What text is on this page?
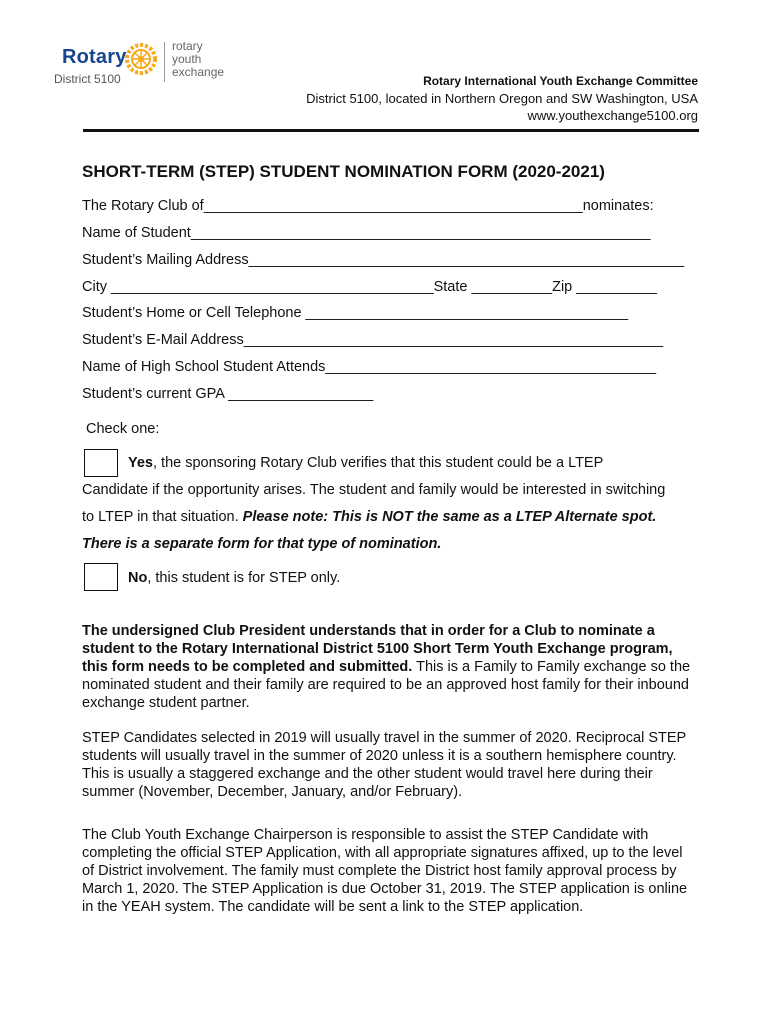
Rotary
District 5100
rotary
youth
exchange
Rotary International Youth Exchange Committee
District 5100, located in Northern Oregon and SW Washington, USA
www.youthexchange5100.org
SHORT-TERM (STEP) STUDENT NOMINATION FORM (2020-2021)
The Rotary Club of_______________________________________________nominates:
Name of Student_________________________________________________________
Student’s Mailing Address______________________________________________________
City ________________________________________State __________Zip __________
Student’s Home or Cell Telephone ________________________________________
Student’s E-Mail Address____________________________________________________
Name of High School Student Attends_________________________________________
Student’s current GPA __________________
Check one:
Yes, the sponsoring Rotary Club verifies that this student could be a LTEP
Candidate if the opportunity arises. The student and family would be interested in switching
to LTEP in that situation. Please note: This is NOT the same as a LTEP Alternate spot.
There is a separate form for that type of nomination.
No, this student is for STEP only.
The undersigned Club President understands that in order for a Club to nominate a student to the Rotary International District 5100 Short Term Youth Exchange program, this form needs to be completed and submitted. This is a Family to Family exchange so the nominated student and their family are required to be an approved host family for their inbound exchange student partner.
STEP Candidates selected in 2019 will usually travel in the summer of 2020. Reciprocal STEP students will usually travel in the summer of 2020 unless it is a southern hemisphere country. This is usually a staggered exchange and the other student would travel here during their summer (November, December, January, and/or February).
The Club Youth Exchange Chairperson is responsible to assist the STEP Candidate with completing the official STEP Application, with all appropriate signatures affixed, up to the level of District involvement. The family must complete the District host family approval process by March 1, 2020. The STEP Application is due October 31, 2019. The STEP application is online in the YEAH system. The candidate will be sent a link to the STEP application.
